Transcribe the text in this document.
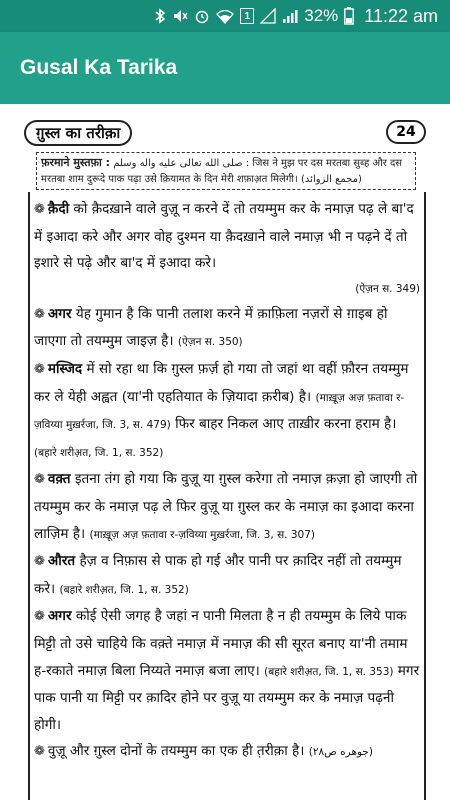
1	32% 11:22 am
Gusal Ka Tarika
ग़ुस्ल का तरीक़ा	24
फ़रमाने मुस्तफ़ा : صلى الله تعالى عليه واله وسلم : जिस ने मुझ पर दस मरतबा सुब्ह और दस मरतबा शाम दुरूदे पाक पढ़ा उसे क़ियामत के दिन मेरी शफ़ाअ़त मिलेगी। (مجمع الزوائد)

❁ क़ैदी को क़ैदख़ाने वाले वुज़ू न करने दें तो तयम्मुम कर के नमाज़ पढ़ ले बा'द में इआदा करे और अगर वोह दुश्मन या क़ैदख़ाने वाले नमाज़ भी न पढ़ने दें तो इशारे से पढ़े और बा'द में इआदा करे।

(ऐज़न स. 349)

❁ अगर येह गुमान है कि पानी तलाश करने में क़ाफ़िला नज़रों से ग़ाइब हो जाएगा तो तयम्मुम जाइज़ है। (ऐज़न स. 350)

❁ मस्जिद में सो रहा था कि ग़ुस्ल फ़र्ज़ हो गया तो जहां था वहीं फ़ौरन तयम्मुम कर ले येही अह्वत (या'नी एहतियात के ज़ियादा क़रीब) है। (माख़ूज़ अज़ फ़तावा र-ज़विय्या मुख़र्रजा, जि. 3, स. 479) फिर बाहर निकल आए ताख़ीर करना हराम है। (बहारे शरीअ़त, जि. 1, स. 352)

❁ वक़्त इतना तंग हो गया कि वुज़ू या ग़ुस्ल करेगा तो नमाज़ क़ज़ा हो जाएगी तो तयम्मुम कर के नमाज़ पढ़ ले फिर वुज़ू या ग़ुस्ल कर के नमाज़ का इआदा करना लाज़िम है। (माख़ूज़ अज़ फ़तावा र-ज़विय्या मुख़र्रजा, जि. 3, स. 307)

❁ औरत हैज़ व निफ़ास से पाक हो गई और पानी पर क़ादिर नहीं तो तयम्मुम करे। (बहारे शरीअ़त, जि. 1, स. 352)

❁ अगर कोई ऐसी जगह है जहां न पानी मिलता है न ही तयम्मुम के लिये पाक मिट्टी तो उसे चाहिये कि वक़्ते नमाज़ में नमाज़ की सी सूरत बनाए या'नी तमाम ह-रकाते नमाज़ बिला निय्यते नमाज़ बजा लाए। (बहारे शरीअ़त, जि. 1, स. 353) मगर पाक पानी या मिट्टी पर क़ादिर होने पर वुज़ू या तयम्मुम कर के नमाज़ पढ़नी होगी।

❁ वुज़ू और ग़ुस्ल दोनों के तयम्मुम का एक ही त़रीक़ा है। (جوهره ص٢٨)
